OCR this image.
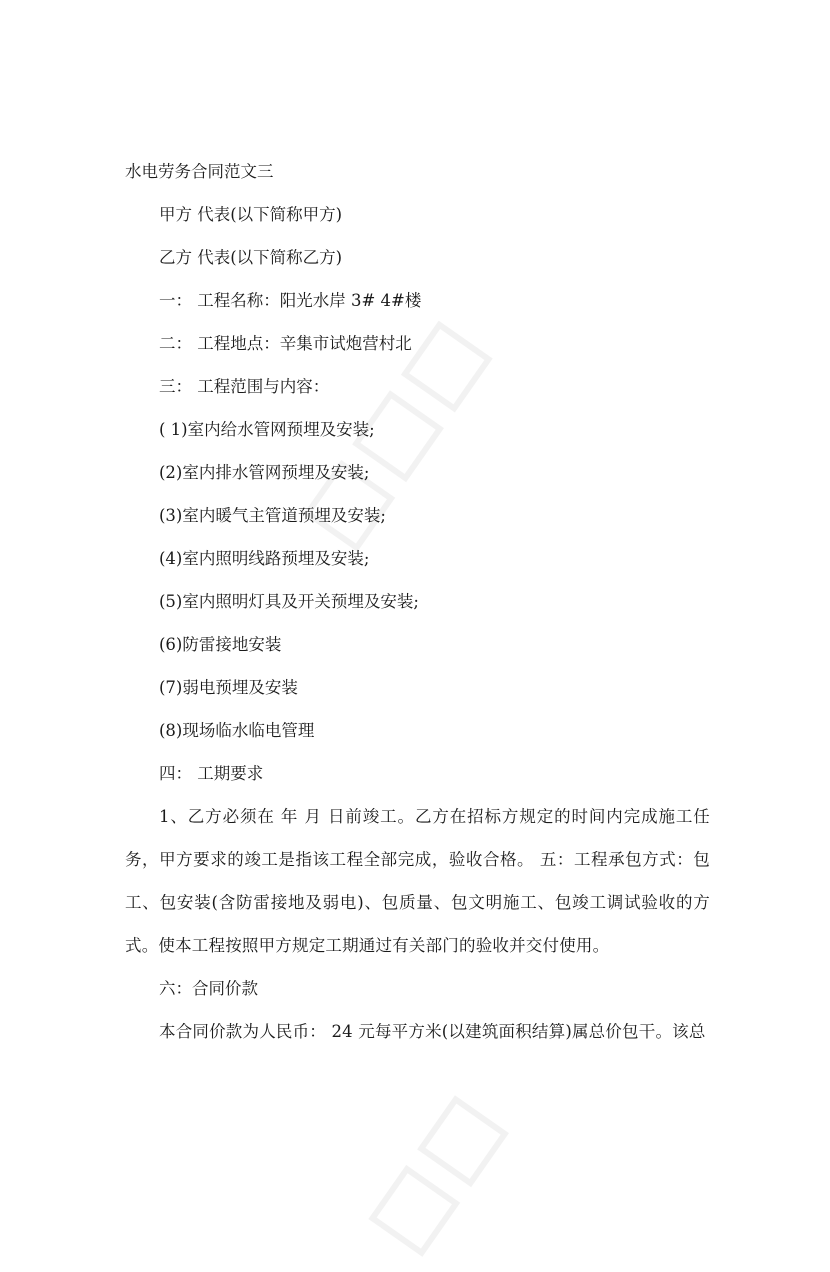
水电劳务合同范文三
甲方 代表(以下简称甲方)
乙方 代表(以下简称乙方)
一： 工程名称：阳光水岸 3# 4#楼
二： 工程地点：辛集市试炮营村北
三： 工程范围与内容：
( 1)室内给水管网预埋及安装;
(2)室内排水管网预埋及安装;
(3)室内暖气主管道预埋及安装;
(4)室内照明线路预埋及安装;
(5)室内照明灯具及开关预埋及安装;
(6)防雷接地安装
(7)弱电预埋及安装
(8)现场临水临电管理
四： 工期要求

1、乙方必须在 年 月 日前竣工。乙方在招标方规定的时间内完成施工任务，甲方要求的竣工是指该工程全部完成，验收合格。 五：工程承包方式：包工、包安装(含防雷接地及弱电)、包质量、包文明施工、包竣工调试验收的方式。使本工程按照甲方规定工期通过有关部门的验收并交付使用。

六：合同价款

本合同价款为人民币： 24 元每平方米(以建筑面积结算)属总价包干。该总
